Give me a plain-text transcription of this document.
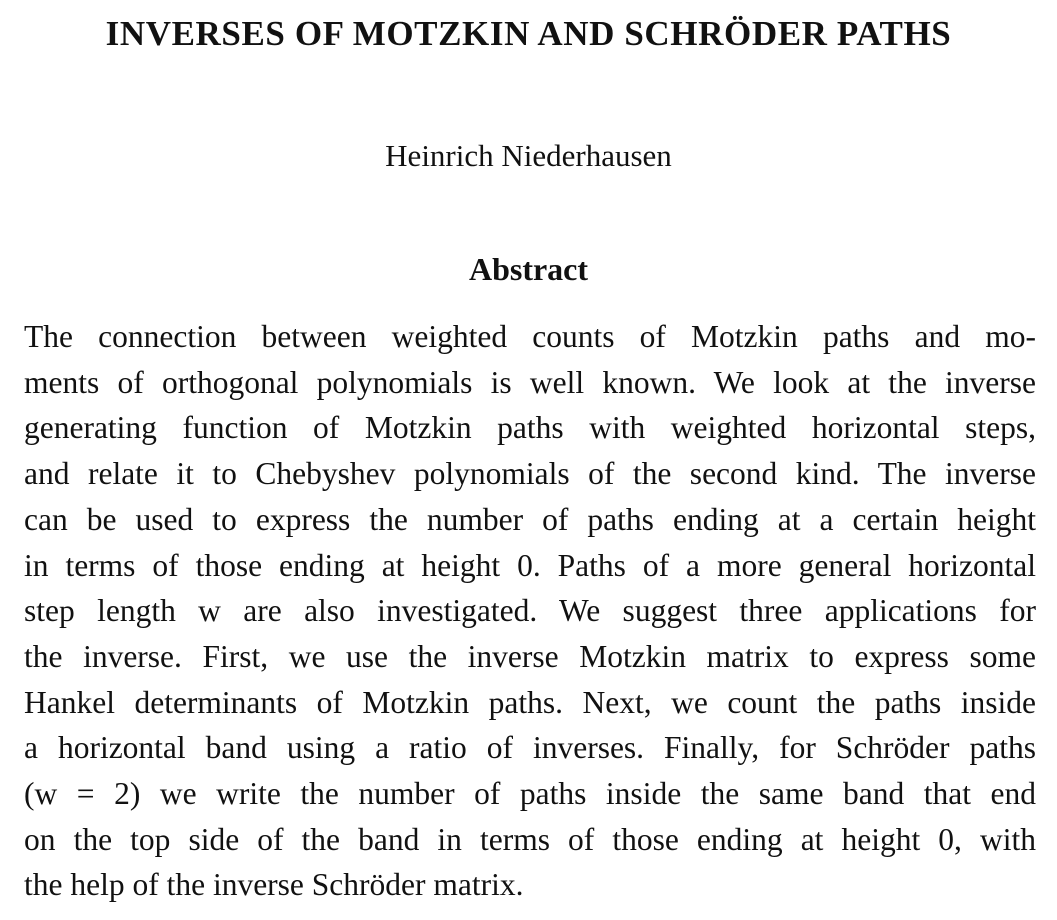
INVERSES OF MOTZKIN AND SCHRÖDER PATHS
Heinrich Niederhausen
Abstract
The connection between weighted counts of Motzkin paths and mo-
ments of orthogonal polynomials is well known. We look at the inverse
generating function of Motzkin paths with weighted horizontal steps,
and relate it to Chebyshev polynomials of the second kind. The inverse
can be used to express the number of paths ending at a certain height
in terms of those ending at height 0. Paths of a more general horizontal
step length w are also investigated. We suggest three applications for
the inverse. First, we use the inverse Motzkin matrix to express some
Hankel determinants of Motzkin paths. Next, we count the paths inside
a horizontal band using a ratio of inverses. Finally, for Schröder paths
(w = 2) we write the number of paths inside the same band that end
on the top side of the band in terms of those ending at height 0, with
the help of the inverse Schröder matrix.
